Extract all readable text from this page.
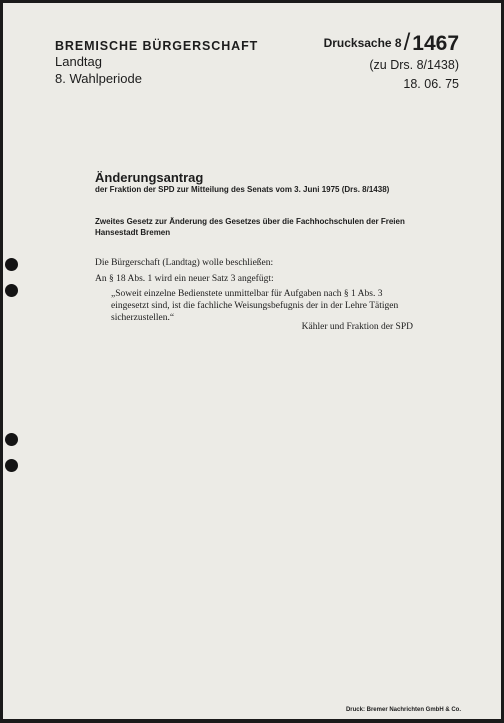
BREMISCHE BÜRGERSCHAFT
Landtag
8. Wahlperiode
Drucksache 8/1467
(zu Drs. 8/1438)
18. 06. 75
Änderungsantrag
der Fraktion der SPD zur Mitteilung des Senats vom 3. Juni 1975 (Drs. 8/1438)
Zweites Gesetz zur Änderung des Gesetzes über die Fachhochschulen der Freien
Hansestadt Bremen
Die Bürgerschaft (Landtag) wolle beschließen:
An § 18 Abs. 1 wird ein neuer Satz 3 angefügt:
„Soweit einzelne Bedienstete unmittelbar für Aufgaben nach § 1 Abs. 3
eingesetzt sind, ist die fachliche Weisungsbefugnis der in der Lehre Tätigen
sicherzustellen.“
Kähler und Fraktion der SPD
Druck: Bremer Nachrichten GmbH & Co.
